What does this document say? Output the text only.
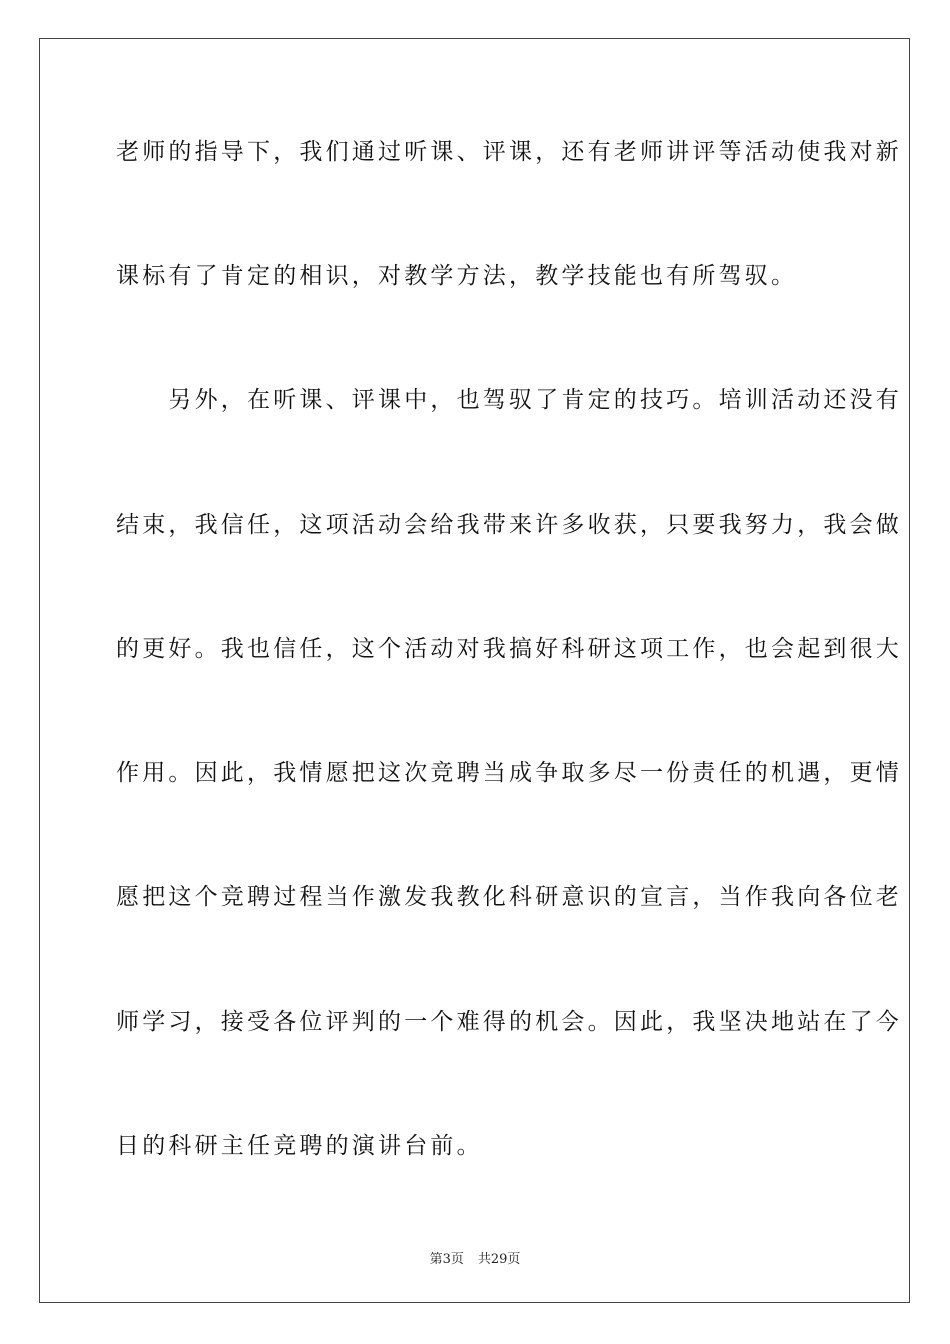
老师的指导下，我们通过听课、评课，还有老师讲评等活动使我对新
课标有了肯定的相识，对教学方法，教学技能也有所驾驭。
　　另外，在听课、评课中，也驾驭了肯定的技巧。培训活动还没有
结束，我信任，这项活动会给我带来许多收获，只要我努力，我会做
的更好。我也信任，这个活动对我搞好科研这项工作，也会起到很大
作用。因此，我情愿把这次竞聘当成争取多尽一份责任的机遇，更情
愿把这个竞聘过程当作激发我教化科研意识的宣言，当作我向各位老
师学习，接受各位评判的一个难得的机会。因此，我坚决地站在了今
日的科研主任竞聘的演讲台前。
第3页 共29页
